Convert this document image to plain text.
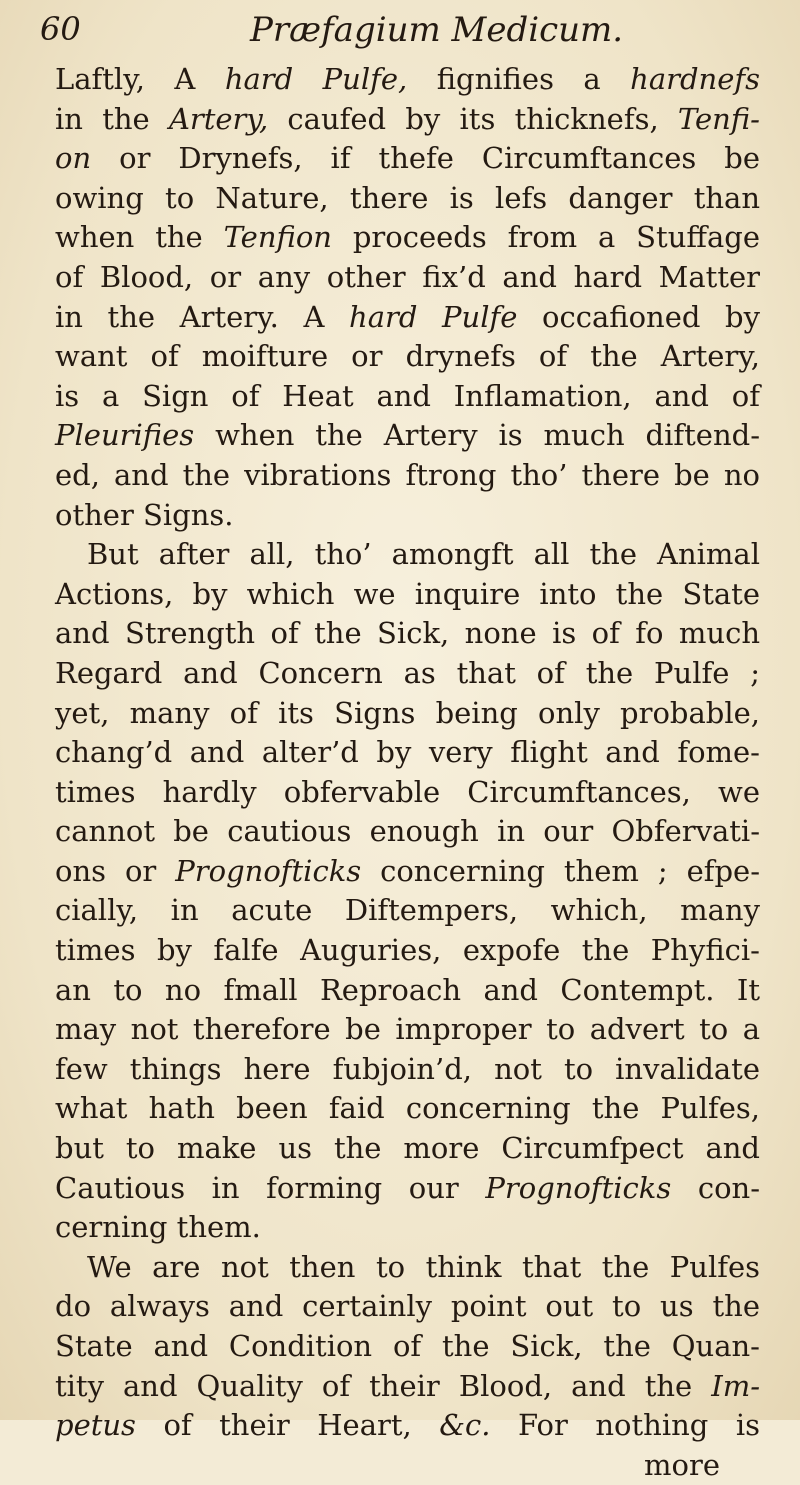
60	Præfagium Medicum.
Laftly, A hard Pulfe, fignifies a hardnefs
in the Artery, caufed by its thicknefs, Tenfi-
on or Drynefs, if thefe Circumftances be
owing to Nature, there is lefs danger than
when the Tenfion proceeds from a Stuffage
of Blood, or any other fix’d and hard Matter
in the Artery. A hard Pulfe occafioned by
want of moifture or drynefs of the Artery,
is a Sign of Heat and Inflamation, and of
Pleurifies when the Artery is much diftend-
ed, and the vibrations ftrong tho’ there be no
other Signs.
But after all, tho’ amongft all the Animal
Actions, by which we inquire into the State
and Strength of the Sick, none is of fo much
Regard and Concern as that of the Pulfe ;
yet, many of its Signs being only probable,
chang’d and alter’d by very flight and fome-
times hardly obfervable Circumftances, we
cannot be cautious enough in our Obfervati-
ons or Prognofticks concerning them ; efpe-
cially, in acute Diftempers, which, many
times by falfe Auguries, expofe the Phyfici-
an to no fmall Reproach and Contempt. It
may not therefore be improper to advert to a
few things here fubjoin’d, not to invalidate
what hath been faid concerning the Pulfes,
but to make us the more Circumfpect and
Cautious in forming our Prognofticks con-
cerning them.
We are not then to think that the Pulfes
do always and certainly point out to us the
State and Condition of the Sick, the Quan-
tity and Quality of their Blood, and the Im-
petus of their Heart, &c. For nothing is
more
